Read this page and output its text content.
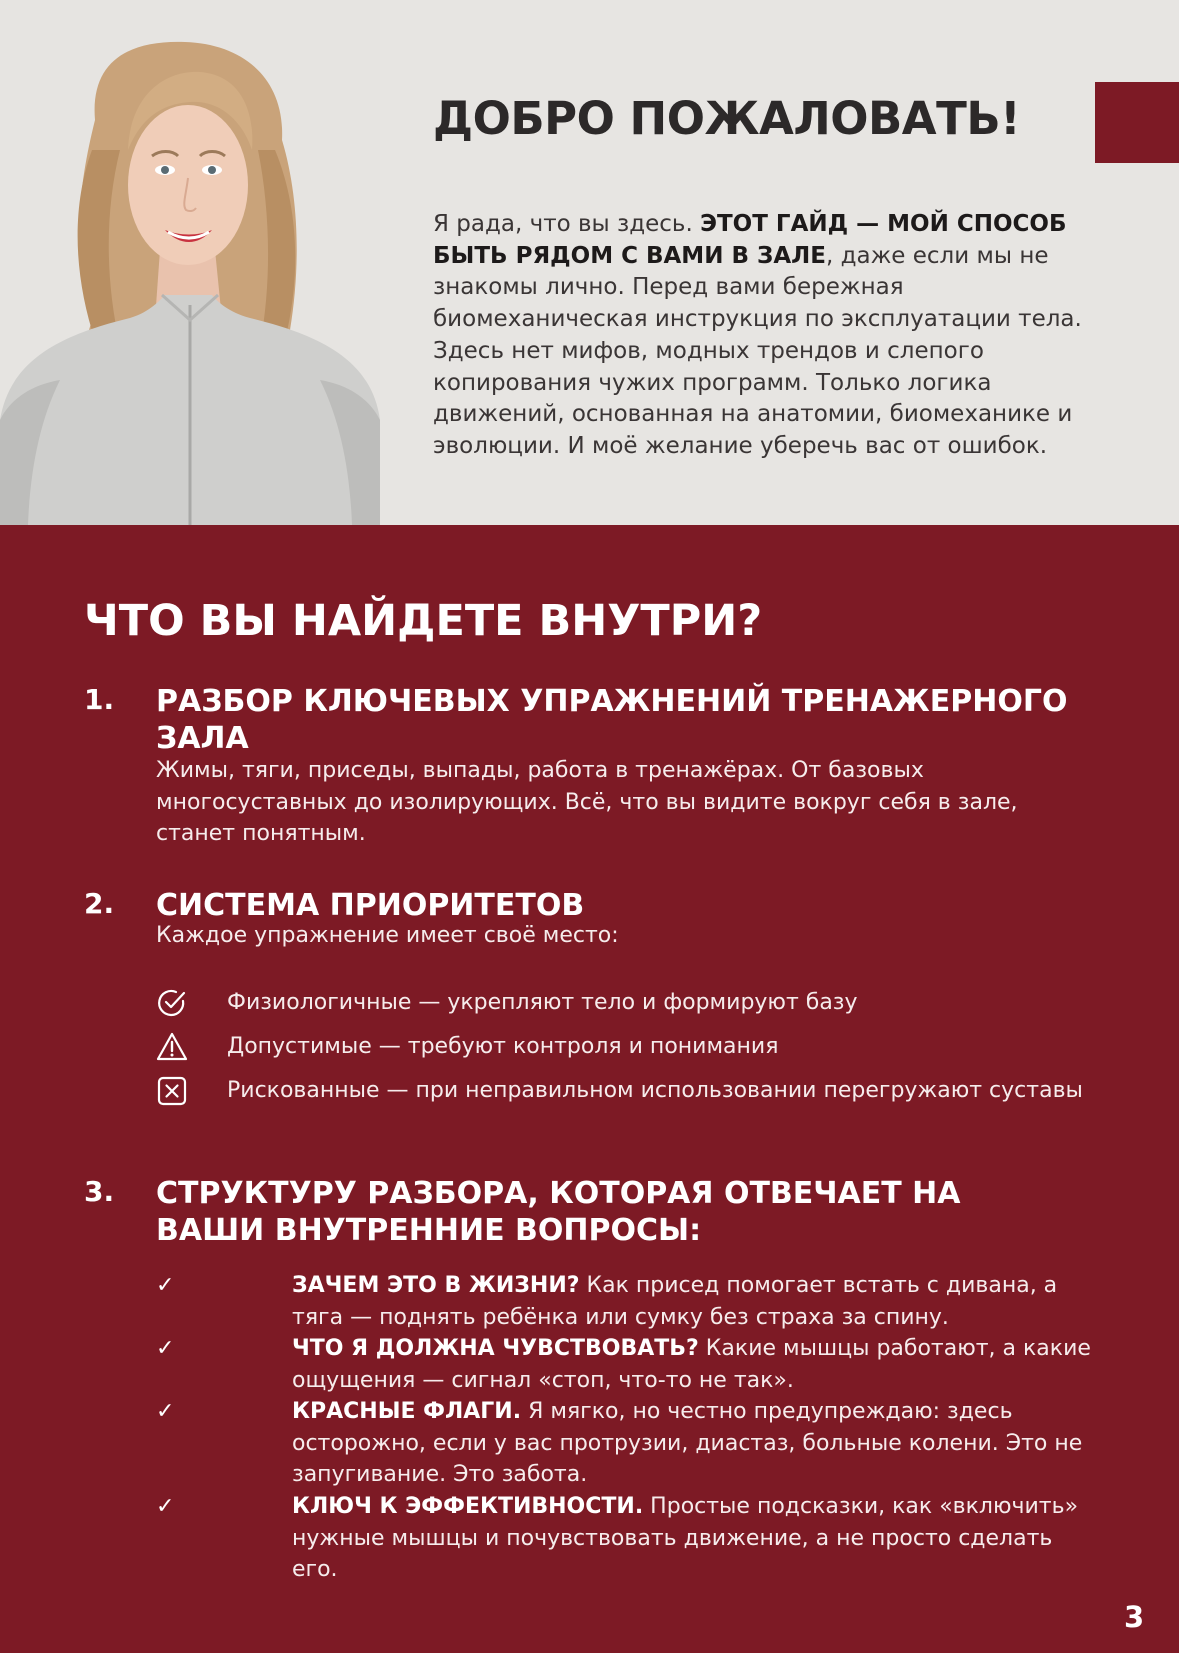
ДОБРО ПОЖАЛОВАТЬ!
Я рада, что вы здесь. ЭТОТ ГАЙД — МОЙ СПОСОБ БЫТЬ РЯДОМ С ВАМИ В ЗАЛЕ, даже если мы не знакомы лично. Перед вами бережная биомеханическая инструкция по эксплуатации тела. Здесь нет мифов, модных трендов и слепого копирования чужих программ. Только логика движений, основанная на анатомии, биомеханике и эволюции. И моё желание уберечь вас от ошибок.
ЧТО ВЫ НАЙДЕТЕ ВНУТРИ?
1. РАЗБОР КЛЮЧЕВЫХ УПРАЖНЕНИЙ ТРЕНАЖЕРНОГО ЗАЛА
Жимы, тяги, приседы, выпады, работа в тренажёрах. От базовых многосуставных до изолирующих. Всё, что вы видите вокруг себя в зале, станет понятным.
2. СИСТЕМА ПРИОРИТЕТОВ
Каждое упражнение имеет своё место:
3. СТРУКТУРУ РАЗБОРА, КОТОРАЯ ОТВЕЧАЕТ НА ВАШИ ВНУТРЕННИЕ ВОПРОСЫ:
Физиологичные — укрепляют тело и формируют базу
Допустимые — требуют контроля и понимания
Рискованные — при неправильном использовании перегружают суставы
✓	ЗАЧЕМ ЭТО В ЖИЗНИ? Как присед помогает встать с дивана, а тяга — поднять ребёнка или сумку без страха за спину.
✓	ЧТО Я ДОЛЖНА ЧУВСТВОВАТЬ? Какие мышцы работают, а какие ощущения — сигнал «стоп, что-то не так».
✓	КРАСНЫЕ ФЛАГИ. Я мягко, но честно предупреждаю: здесь осторожно, если у вас протрузии, диастаз, больные колени. Это не запугивание. Это забота.
✓	КЛЮЧ К ЭФФЕКТИВНОСТИ. Простые подсказки, как «включить» нужные мышцы и почувствовать движение, а не просто сделать его.
3
